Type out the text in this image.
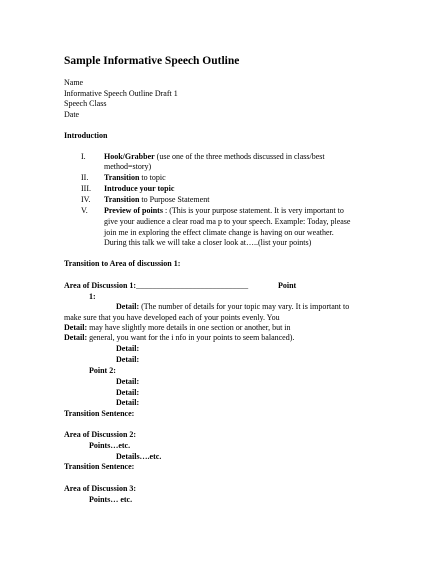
Sample Informative Speech Outline
Name
Informative Speech Outline Draft 1
Speech Class
Date
Introduction
I. Hook/Grabber (use one of the three methods discussed in class/best
method=story)
II. Transition to topic
III. Introduce your topic
IV. Transition to Purpose Statement
V. Preview of points : (This is your purpose statement. It is very important to
give your audience a clear road ma p to your speech. Example: Today, please
join me in exploring the effect climate change is having on our weather.
During this talk we will take a closer look at…..(list your points)
Transition to Area of discussion 1:
Area of Discussion 1:____________________________	Point
1:
Detail: (The number of details for your topic may vary. It is important to
make sure that you have developed each of your points evenly. You
Detail: may have slightly more details in one section or another, but in
Detail: general, you want for the i nfo in your points to seem balanced).
Detail:
Detail:
Point 2:
Detail:
Detail:
Detail:
Transition Sentence:
Area of Discussion 2:
Points…etc.
Details….etc.
Transition Sentence:
Area of Discussion 3:
Points… etc.
